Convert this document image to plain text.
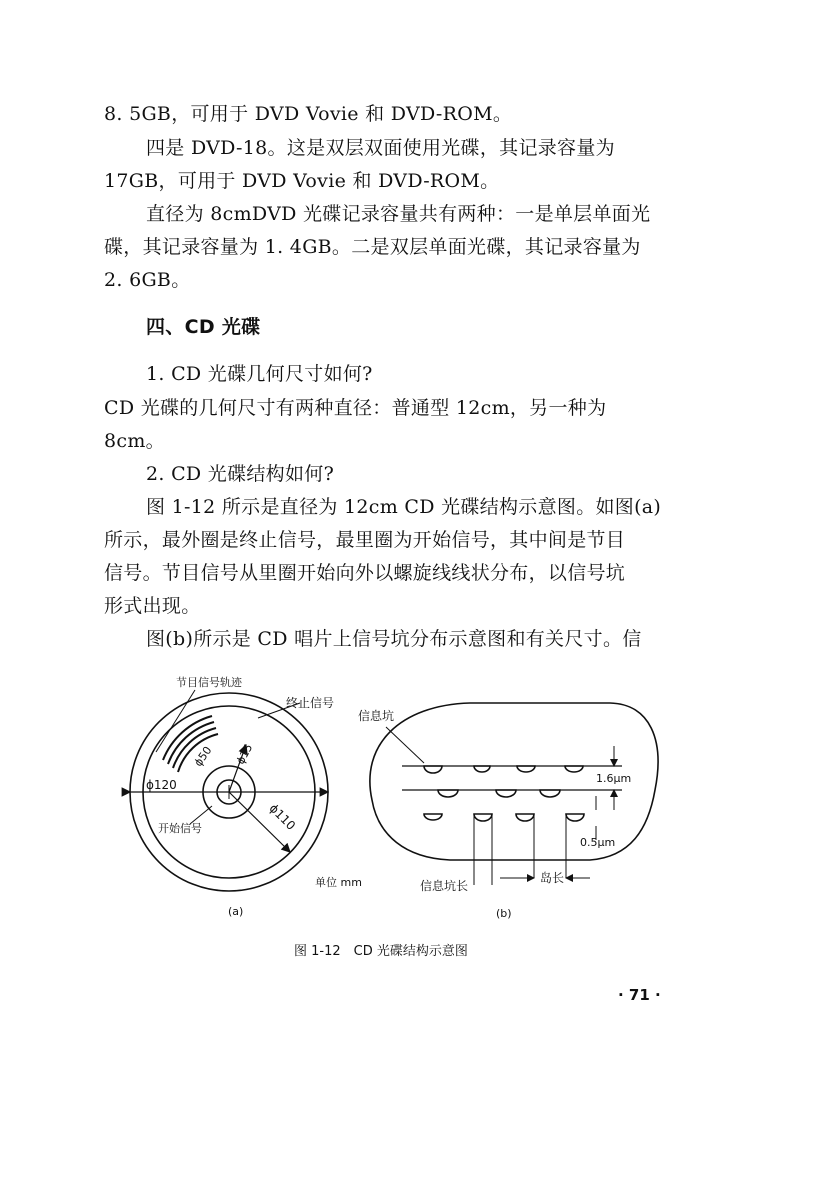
8. 5GB，可用于 DVD Vovie 和 DVD-ROM。
四是 DVD-18。这是双层双面使用光碟，其记录容量为
17GB，可用于 DVD Vovie 和 DVD-ROM。
直径为 8cmDVD 光碟记录容量共有两种：一是单层单面光
碟，其记录容量为 1. 4GB。二是双层单面光碟，其记录容量为
2. 6GB。
四、CD 光碟
1. CD 光碟几何尺寸如何?
CD 光碟的几何尺寸有两种直径：普通型 12cm，另一种为
8cm。
2. CD 光碟结构如何?
图 1-12 所示是直径为 12cm CD 光碟结构示意图。如图(a)
所示，最外圈是终止信号，最里圈为开始信号，其中间是节目
信号。节目信号从里圈开始向外以螺旋线线状分布，以信号坑
形式出现。
图(b)所示是 CD 唱片上信号坑分布示意图和有关尺寸。信
节目信号轨迹
终止信号
开始信号
ϕ120
ϕ50 ϕ15
ϕ110
单位 mm
(a)
信息坑
1.6μm
0.5μm
信息坑长
岛长
(b)
图 1-12　CD 光碟结构示意图
· 71 ·
